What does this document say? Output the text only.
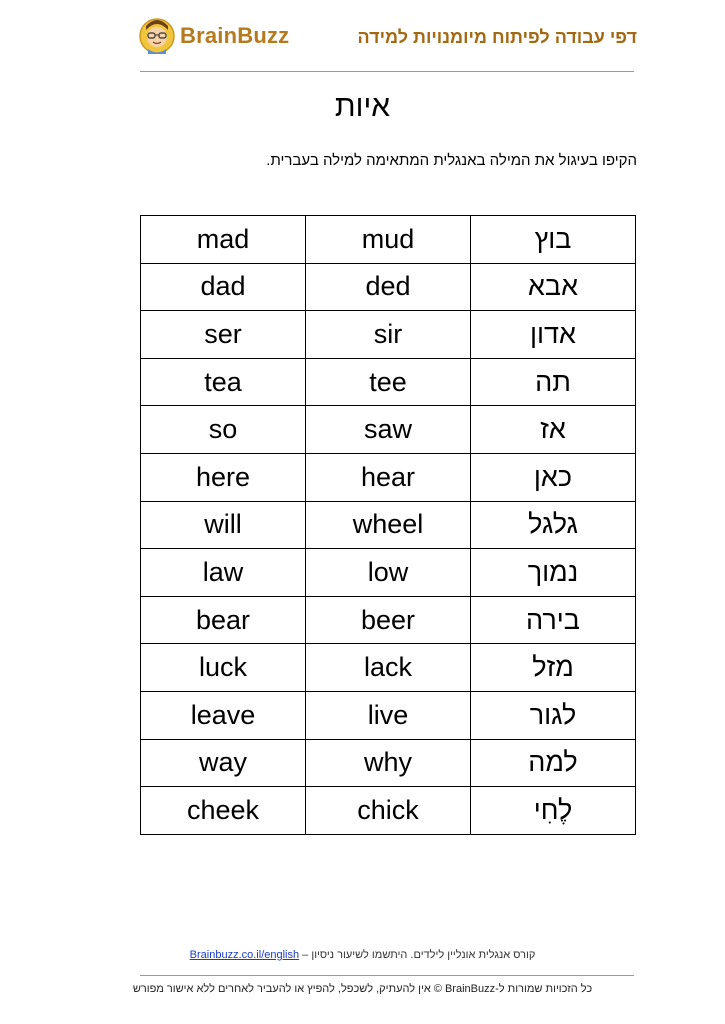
BrainBuzz	דפי עבודה לפיתוח מיומנויות למידה
איות
הקיפו בעיגול את המילה באנגלית המתאימה למילה בעברית.
mad	mud	בוץ
dad	ded	אבא
ser	sir	אדון
tea	tee	תה
so	saw	אז
here	hear	כאן
will	wheel	גלגל
law	low	נמוך
bear	beer	בירה
luck	lack	מזל
leave	live	לגור
way	why	למה
cheek	chick	לֶחִי
קורס אנגלית אונליין לילדים. היתשמו לשיעור ניסיון – Brainbuzz.co.il/english
כל הזכויות שמורות ל-BrainBuzz © אין להעתיק, לשכפל, להפיץ או להעביר לאחרים ללא אישור מפורש
